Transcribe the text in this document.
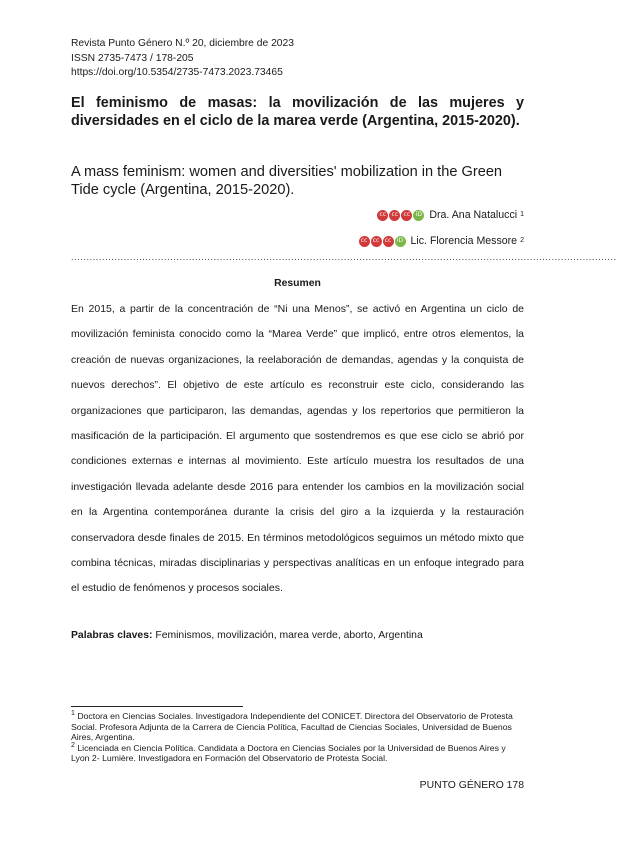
Revista Punto Género N.º 20, diciembre de 2023
ISSN 2735-7473 / 178-205
https://doi.org/10.5354/2735-7473.2023.73465
El feminismo de masas: la movilización de las mujeres y diversidades en el ciclo de la marea verde (Argentina, 2015-2020).
A mass feminism: women and diversities' mobilization in the Green Tide cycle (Argentina, 2015-2020).
cc cc cc iD Dra. Ana Natalucci 1
cc cc cc iD Lic. Florencia Messore 2
................................................................................................................................................................................
Resumen
En 2015, a partir de la concentración de “Ni una Menos”, se activó en Argentina un ciclo de movilización feminista conocido como la “Marea Verde” que implicó, entre otros elementos, la creación de nuevas organizaciones, la reelaboración de demandas, agendas y la conquista de nuevos derechos”. El objetivo de este artículo es reconstruir este ciclo, considerando las organizaciones que participaron, las demandas, agendas y los repertorios que permitieron la masificación de la participación. El argumento que sostendremos es que ese ciclo se abrió por condiciones externas e internas al movimiento. Este artículo muestra los resultados de una investigación llevada adelante desde 2016 para entender los cambios en la movilización social en la Argentina contemporánea durante la crisis del giro a la izquierda y la restauración conservadora desde finales de 2015. En términos metodológicos seguimos un método mixto que combina técnicas, miradas disciplinarias y perspectivas analíticas en un enfoque integrado para el estudio de fenómenos y procesos sociales.
Palabras claves: Feminismos, movilización, marea verde, aborto, Argentina
$^1$ Doctora en Ciencias Sociales. Investigadora Independiente del CONICET. Directora del Observatorio de Protesta Social. Profesora Adjunta de la Carrera de Ciencia Política, Facultad de Ciencias Sociales, Universidad de Buenos Aires, Argentina.
$^2$ Licenciada en Ciencia Política. Candidata a Doctora en Ciencias Sociales por la Universidad de Buenos Aires y Lyon 2- Lumière. Investigadora en Formación del Observatorio de Protesta Social.
PUNTO GÉNERO 178
